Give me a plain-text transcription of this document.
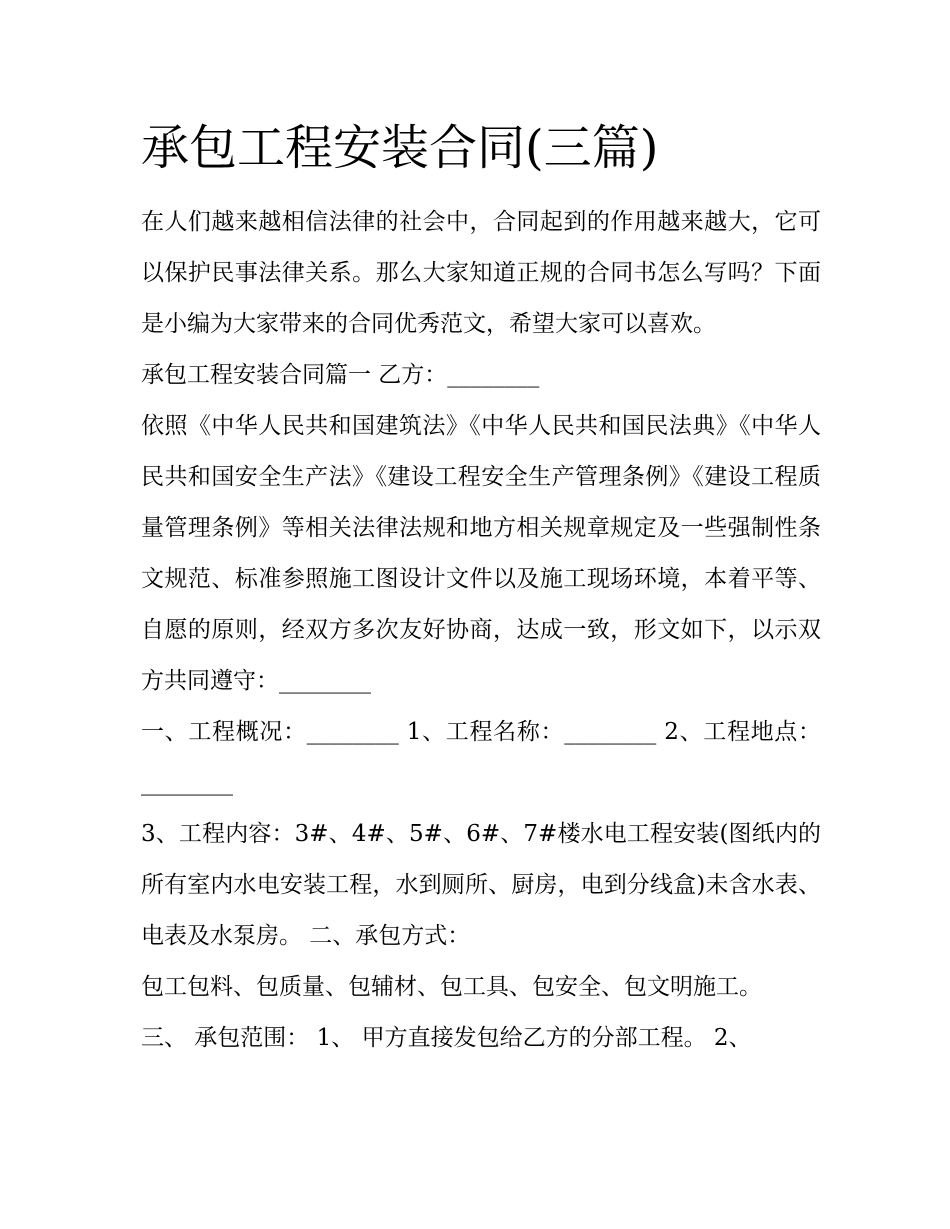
承包工程安装合同(三篇)

在人们越来越相信法律的社会中，合同起到的作用越来越大，它可以保护民事法律关系。那么大家知道正规的合同书怎么写吗？下面是小编为大家带来的合同优秀范文，希望大家可以喜欢。

承包工程安装合同篇一 乙方：________

依照《中华人民共和国建筑法》《中华人民共和国民法典》《中华人民共和国安全生产法》《建设工程安全生产管理条例》《建设工程质量管理条例》等相关法律法规和地方相关规章规定及一些强制性条文规范、标准参照施工图设计文件以及施工现场环境，本着平等、自愿的原则，经双方多次友好协商，达成一致，形文如下，以示双方共同遵守：________

一、工程概况：________ 1、工程名称：________ 2、工程地点：________

3、工程内容：3#、4#、5#、6#、7#楼水电工程安装(图纸内的所有室内水电安装工程，水到厕所、厨房，电到分线盒)未含水表、电表及水泵房。 二、承包方式：

包工包料、包质量、包辅材、包工具、包安全、包文明施工。

三、 承包范围： 1、 甲方直接发包给乙方的分部工程。 2、
